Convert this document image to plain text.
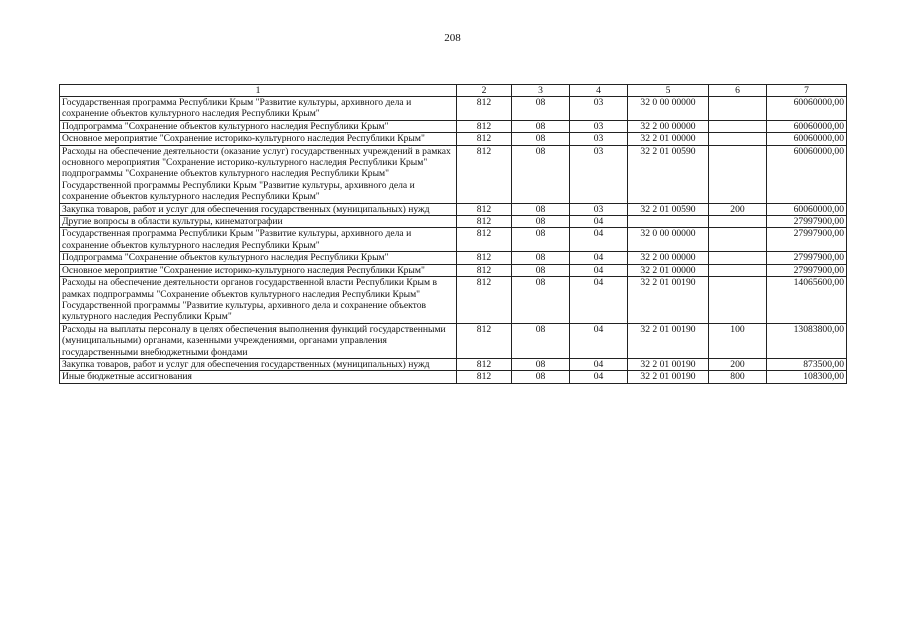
208
1	2	3	4	5	6	7
Государственная программа Республики Крым "Развитие культуры, архивного дела и сохранение объектов культурного наследия Республики Крым"	812	08	03	32 0 00 00000		60060000,00
Подпрограмма "Сохранение объектов культурного наследия Республики Крым"	812	08	03	32 2 00 00000		60060000,00
Основное мероприятие "Сохранение историко-культурного наследия Республики Крым"	812	08	03	32 2 01 00000		60060000,00
Расходы на обеспечение деятельности (оказание услуг) государственных учреждений в рамках основного мероприятия "Сохранение историко-культурного наследия Республики Крым" подпрограммы "Сохранение объектов культурного наследия Республики Крым" Государственной программы Республики Крым "Развитие культуры, архивного дела и сохранение объектов культурного наследия Республики Крым"	812	08	03	32 2 01 00590		60060000,00
Закупка товаров, работ и услуг для обеспечения государственных (муниципальных) нужд	812	08	03	32 2 01 00590	200	60060000,00
Другие вопросы в области культуры, кинематографии	812	08	04			27997900,00
Государственная программа Республики Крым "Развитие культуры, архивного дела и сохранение объектов культурного наследия Республики Крым"	812	08	04	32 0 00 00000		27997900,00
Подпрограмма "Сохранение объектов культурного наследия Республики Крым"	812	08	04	32 2 00 00000		27997900,00
Основное мероприятие "Сохранение историко-культурного наследия Республики Крым"	812	08	04	32 2 01 00000		27997900,00
Расходы на обеспечение деятельности органов государственной власти Республики Крым в рамках подпрограммы "Сохранение объектов культурного наследия Республики Крым" Государственной программы "Развитие культуры, архивного дела и сохранение объектов культурного наследия Республики Крым"	812	08	04	32 2 01 00190		14065600,00
Расходы на выплаты персоналу в целях обеспечения выполнения функций государственными (муниципальными) органами, казенными учреждениями, органами управления государственными внебюджетными фондами	812	08	04	32 2 01 00190	100	13083800,00
Закупка товаров, работ и услуг для обеспечения государственных (муниципальных) нужд	812	08	04	32 2 01 00190	200	873500,00
Иные бюджетные ассигнования	812	08	04	32 2 01 00190	800	108300,00
